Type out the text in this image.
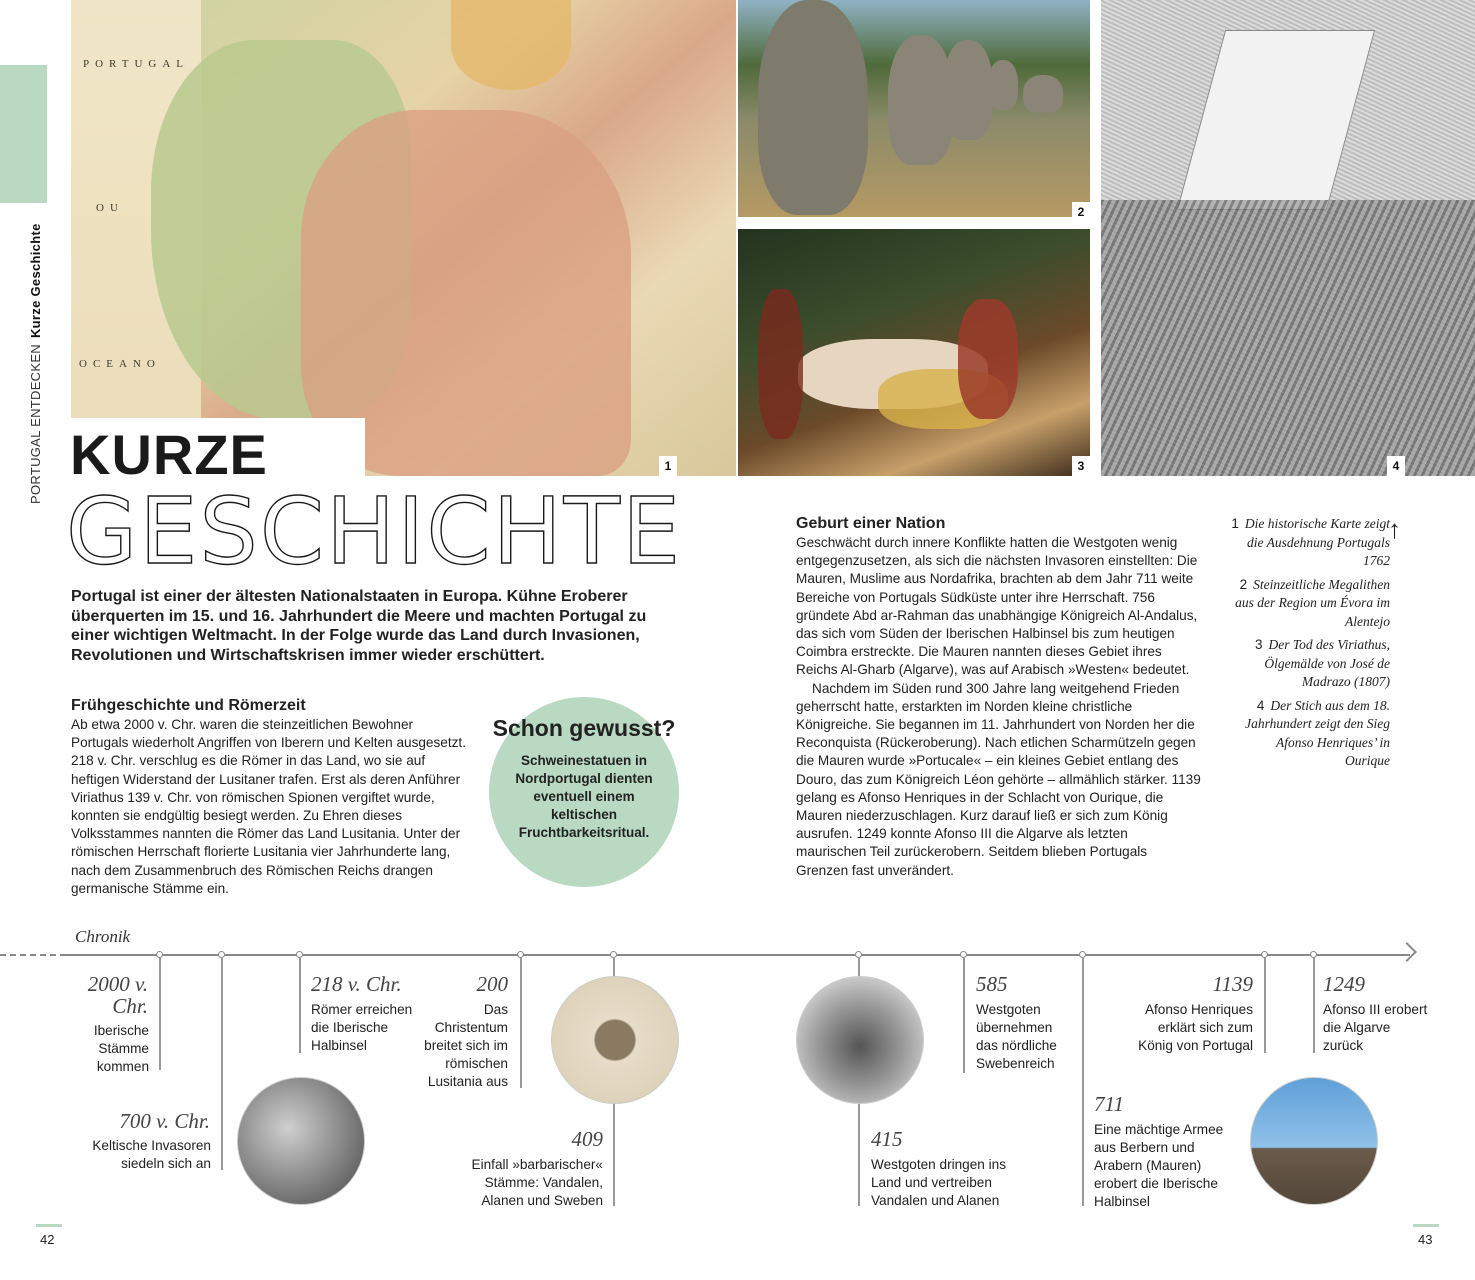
PORTUGAL ENTDECKENKurze Geschichte
PORTUGAL
OU
OCEANO
1
2
3	4
KURZE
GESCHICHTE
Portugal ist einer der ältesten Nationalstaaten in Europa. Kühne Eroberer überquerten im 15. und 16. Jahrhundert die Meere und machten Portugal zu einer wichtigen Weltmacht. In der Folge wurde das Land durch Invasionen, Revolutionen und Wirtschaftskrisen immer wieder erschüttert.
Frühgeschichte und Römerzeit
Ab etwa 2000 v. Chr. waren die steinzeitlichen Bewohner Portugals wiederholt Angriffen von Iberern und Kelten ausgesetzt. 218 v. Chr. verschlug es die Römer in das Land, wo sie auf heftigen Widerstand der Lusitaner trafen. Erst als deren Anführer Viriathus 139 v. Chr. von römischen Spionen vergiftet wurde, konnten sie endgültig besiegt werden. Zu Ehren dieses Volksstammes nannten die Römer das Land Lusitania. Unter der römischen Herrschaft florierte Lusitania vier Jahrhunderte lang, nach dem Zusammenbruch des Römischen Reichs drangen germanische Stämme ein.
Schon gewusst?
Schweinestatuen in Nordportugal dienten eventuell einem keltischen Fruchtbarkeitsritual.
Geburt einer Nation

Geschwächt durch innere Konflikte hatten die Westgoten wenig entgegenzusetzen, als sich die nächsten Invasoren einstellten: Die Mauren, Muslime aus Nordafrika, brachten ab dem Jahr 711 weite Bereiche von Portugals Südküste unter ihre Herrschaft. 756 gründete Abd ar-Rahman das unabhängige Königreich Al-Andalus, das sich vom Süden der Iberischen Halbinsel bis zum heutigen Coimbra erstreckte. Die Mauren nannten dieses Gebiet ihres Reichs Al-Gharb (Algarve), was auf Arabisch »Westen« bedeutet.

Nachdem im Süden rund 300 Jahre lang weitgehend Frieden geherrscht hatte, erstarkten im Norden kleine christliche Königreiche. Sie begannen im 11. Jahrhundert von Norden her die Reconquista (Rückeroberung). Nach etlichen Scharmützeln gegen die Mauren wurde »Portucale« – ein kleines Gebiet entlang des Douro, das zum Königreich Léon gehörte – allmählich stärker. 1139 gelang es Afonso Henriques in der Schlacht von Ourique, die Mauren niederzuschlagen. Kurz darauf ließ er sich zum König ausrufen. 1249 konnte Afonso III die Algarve als letzten maurischen Teil zurückerobern. Seitdem blieben Portugals Grenzen fast unverändert.

1 Die historische Karte zeigt die Ausdehnung Portugals 1762
2 Steinzeitliche Megalithen aus der Region um Évora im Alentejo
3 Der Tod des Viriathus, Ölgemälde von José de Madrazo (1807)
4 Der Stich aus dem 18. Jahrhundert zeigt den Sieg Afonso Henriques’ in Ourique
↑
Chronik
2000 v. Chr.
Iberische Stämme kommen
700 v. Chr.
Keltische Invasoren siedeln sich an
218 v. Chr.
Römer erreichen die Iberische Halbinsel
200
Das Christentum breitet sich im römischen Lusitania aus
409
Einfall »barbarischer« Stämme: Vandalen, Alanen und Sweben
415
Westgoten dringen ins Land und vertreiben Vandalen und Alanen
585
Westgoten übernehmen das nördliche Swebenreich
711
Eine mächtige Armee aus Berbern und Arabern (Mauren) erobert die Iberische Halbinsel
1139
Afonso Henriques erklärt sich zum König von Portugal
1249
Afonso III erobert die Algarve zurück
42	43
